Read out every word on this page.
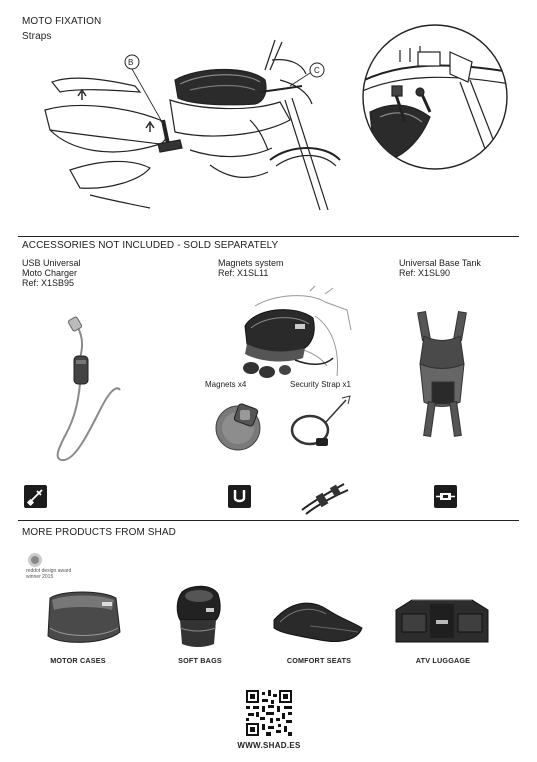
MOTO FIXATION
Straps
B
C
ACCESSORIES NOT INCLUDED - SOLD SEPARATELY
USB Universal
Moto Charger
Ref: X1SB95
Magnets system
Ref: X1SL11
Universal Base Tank
Ref: X1SL90
Magnets x4	Security Strap x1
MORE PRODUCTS FROM SHAD
reddot design award
winner 2015
MOTOR CASES	SOFT BAGS	COMFORT SEATS	ATV LUGGAGE
WWW.SHAD.ES
